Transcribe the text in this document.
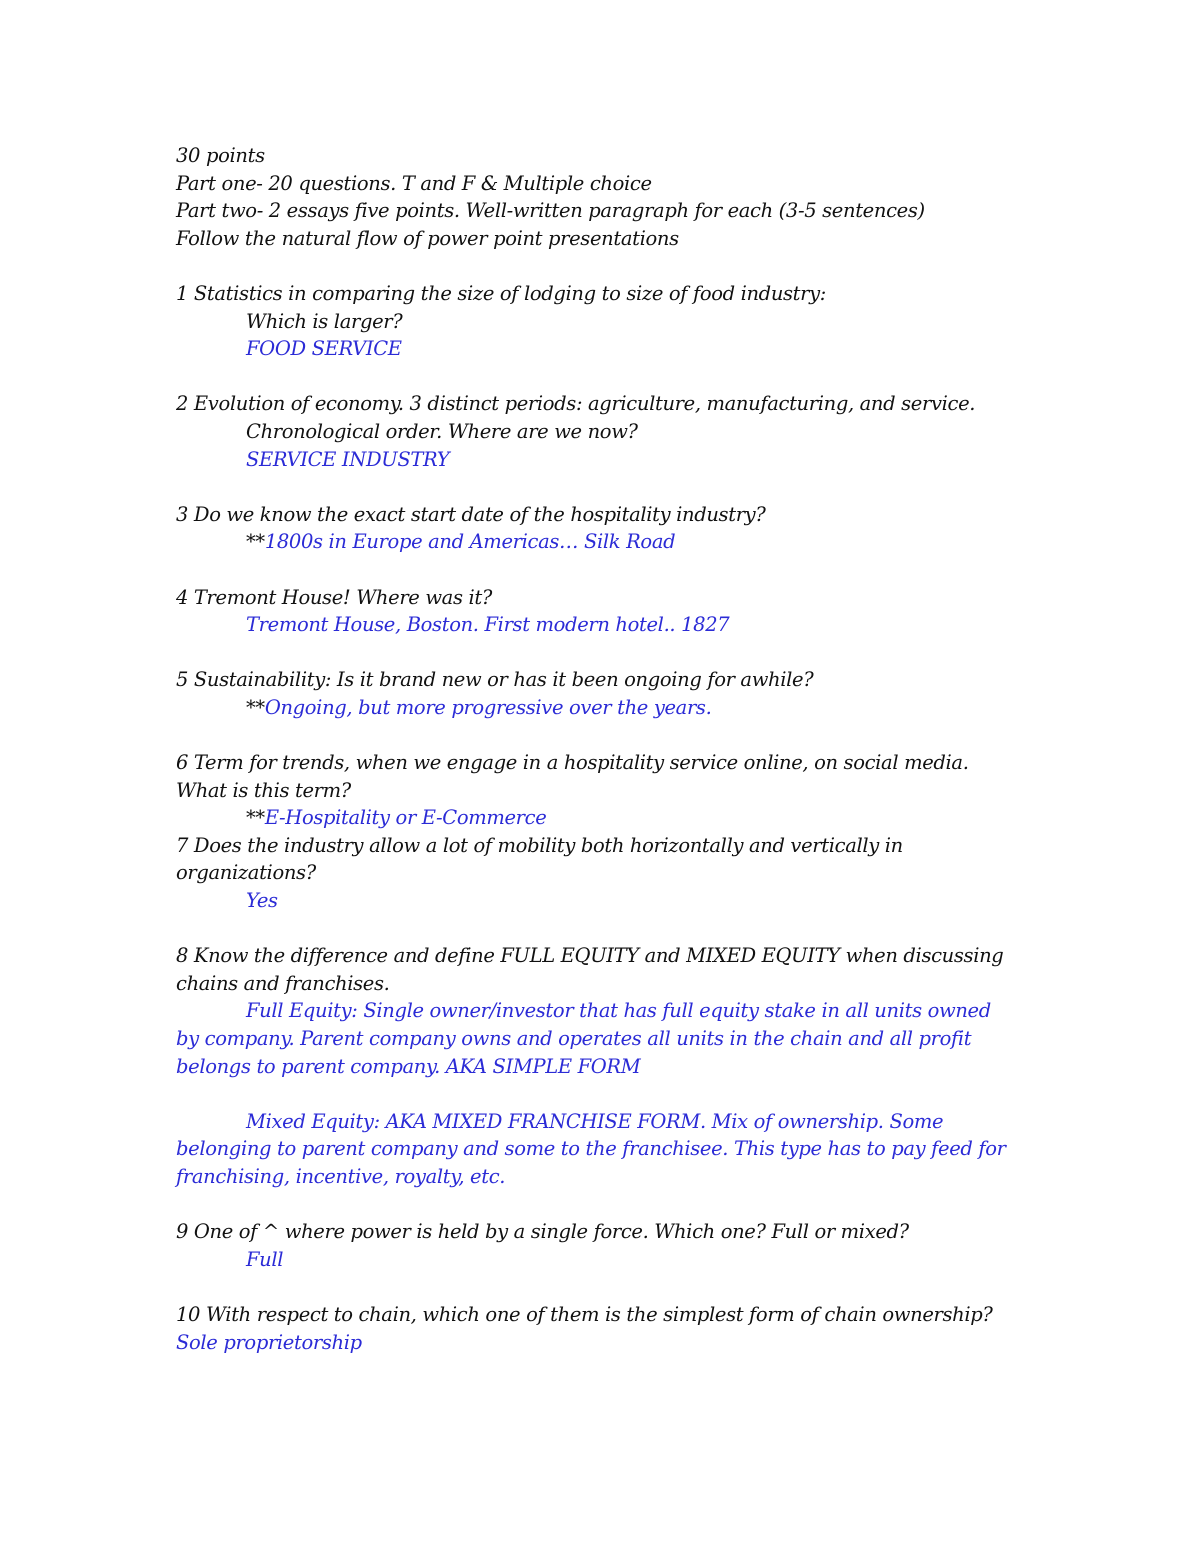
30 points
Part one- 20 questions. T and F & Multiple choice
Part two- 2 essays five points. Well-written paragraph for each (3-5 sentences)
Follow the natural flow of power point presentations
1 Statistics in comparing the size of lodging to size of food industry:
Which is larger?
FOOD SERVICE
2 Evolution of economy. 3 distinct periods: agriculture, manufacturing, and service.
Chronological order. Where are we now?
SERVICE INDUSTRY
3 Do we know the exact start date of the hospitality industry?
**1800s in Europe and Americas… Silk Road
4 Tremont House! Where was it?
Tremont House, Boston. First modern hotel.. 1827
5 Sustainability: Is it brand new or has it been ongoing for awhile?
**Ongoing, but more progressive over the years.
6 Term for trends, when we engage in a hospitality service online, on social media.
What is this term?
**E-Hospitality or E-Commerce
7 Does the industry allow a lot of mobility both horizontally and vertically in
organizations?
Yes
8 Know the difference and define FULL EQUITY and MIXED EQUITY when discussing
chains and franchises.
Full Equity: Single owner/investor that has full equity stake in all units owned
by company. Parent company owns and operates all units in the chain and all profit
belongs to parent company. AKA SIMPLE FORM
Mixed Equity: AKA MIXED FRANCHISE FORM. Mix of ownership. Some
belonging to parent company and some to the franchisee. This type has to pay feed for
franchising, incentive, royalty, etc.
9 One of ^ where power is held by a single force. Which one? Full or mixed?
Full
10 With respect to chain, which one of them is the simplest form of chain ownership?
Sole proprietorship
